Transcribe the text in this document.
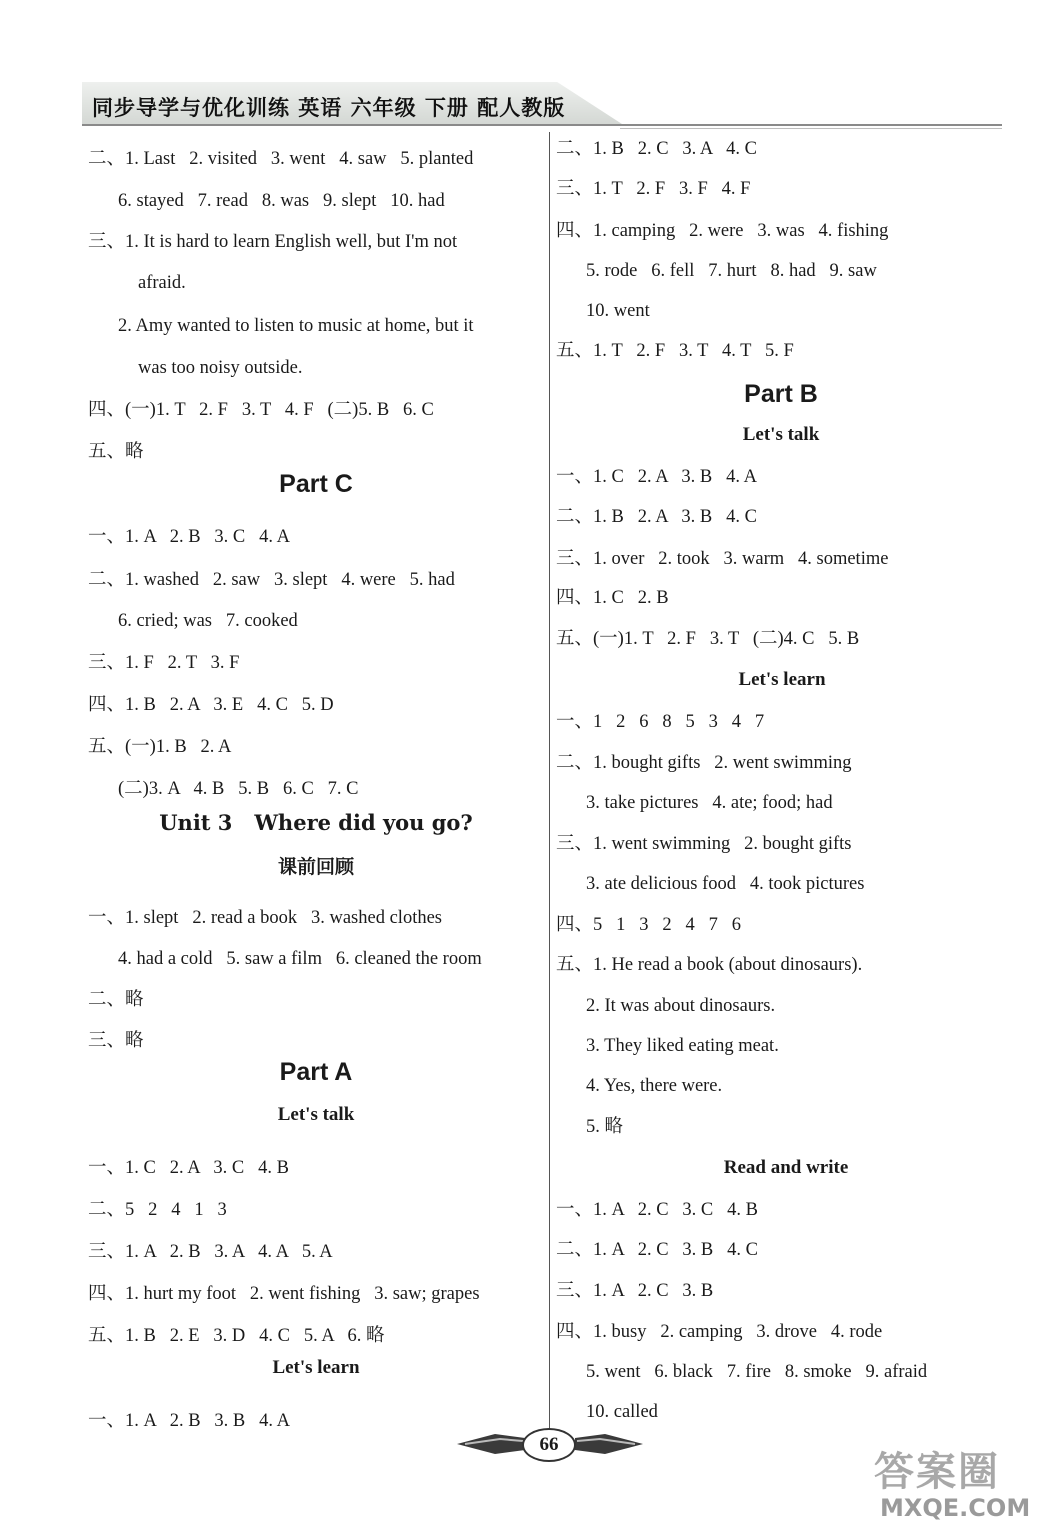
同步导学与优化训练 英语 六年级 下册 配人教版
二、1. Last   2. visited   3. went   4. saw   5. planted
6. stayed   7. read   8. was   9. slept   10. had
三、1. It is hard to learn English well, but I'm not
afraid.
2. Amy wanted to listen to music at home, but it
was too noisy outside.
四、(一)1. T   2. F   3. T   4. F   (二)5. B   6. C
五、略
一、1. A   2. B   3. C   4. A
二、1. washed   2. saw   3. slept   4. were   5. had
6. cried; was   7. cooked
三、1. F   2. T   3. F
四、1. B   2. A   3. E   4. C   5. D
五、(一)1. B   2. A
(二)3. A   4. B   5. B   6. C   7. C
一、1. slept   2. read a book   3. washed clothes
4. had a cold   5. saw a film   6. cleaned the room
二、略
三、略
一、1. C   2. A   3. C   4. B
二、5   2   4   1   3
三、1. A   2. B   3. A   4. A   5. A
四、1. hurt my foot   2. went fishing   3. saw; grapes
五、1. B   2. E   3. D   4. C   5. A   6. 略
一、1. A   2. B   3. B   4. A
Part C
Unit 3   Where did you go?
课前回顾
Part A
Let's talk
Let's learn
二、1. B   2. C   3. A   4. C
三、1. T   2. F   3. F   4. F
四、1. camping   2. were   3. was   4. fishing
5. rode   6. fell   7. hurt   8. had   9. saw
10. went
五、1. T   2. F   3. T   4. T   5. F
一、1. C   2. A   3. B   4. A
二、1. B   2. A   3. B   4. C
三、1. over   2. took   3. warm   4. sometime
四、1. C   2. B
五、(一)1. T   2. F   3. T   (二)4. C   5. B
一、1   2   6   8   5   3   4   7
二、1. bought gifts   2. went swimming
3. take pictures   4. ate; food; had
三、1. went swimming   2. bought gifts
3. ate delicious food   4. took pictures
四、5   1   3   2   4   7   6
五、1. He read a book (about dinosaurs).
2. It was about dinosaurs.
3. They liked eating meat.
4. Yes, there were.
5. 略
一、1. A   2. C   3. C   4. B
二、1. A   2. C   3. B   4. C
三、1. A   2. C   3. B
四、1. busy   2. camping   3. drove   4. rode
5. went   6. black   7. fire   8. smoke   9. afraid
10. called
Part B
Let's talk
Let's learn
Read and write
66
答案圈
MXQE.COM
